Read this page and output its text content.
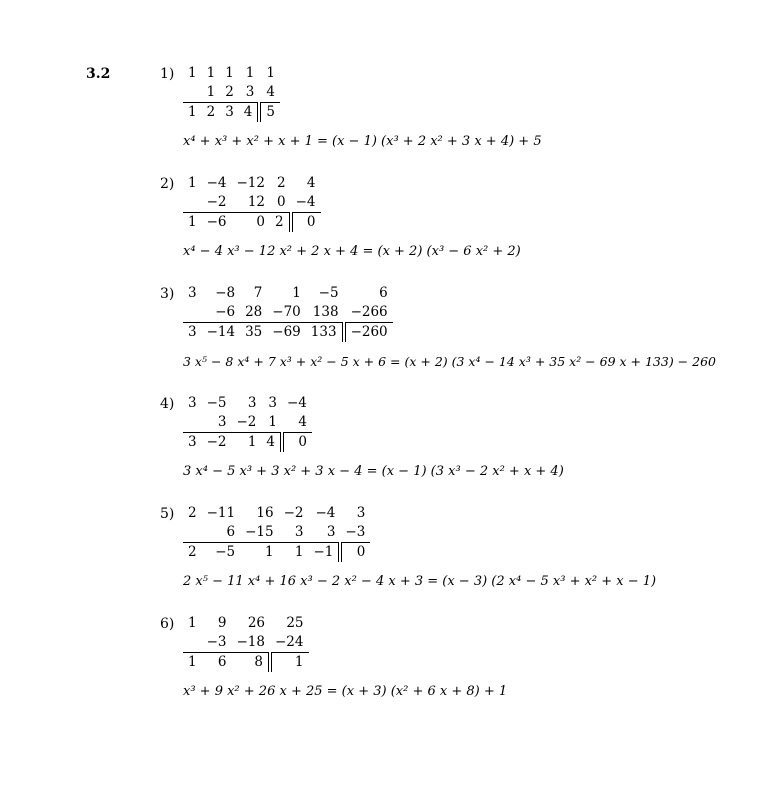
3.2	1) 1	1	1	1	1
	1	2	3	4
1	2	3	4	5
x⁴ + x³ + x² + x + 1 = (x − 1) (x³ + 2 x² + 3 x + 4) + 5
2) 1	−4	−12	2	4
	−2	12	0	−4
1	−6	0	2	0
x⁴ − 4 x³ − 12 x² + 2 x + 4 = (x + 2) (x³ − 6 x² + 2)
3) 3	−8	7	1	−5	6
	−6	28	−70	138	−266
3	−14	35	−69	133	−260
3 x⁵ − 8 x⁴ + 7 x³ + x² − 5 x + 6 = (x + 2) (3 x⁴ − 14 x³ + 35 x² − 69 x + 133) − 260
4) 3	−5	3	3	−4
	3	−2	1	4
3	−2	1	4	0
3 x⁴ − 5 x³ + 3 x² + 3 x − 4 = (x − 1) (3 x³ − 2 x² + x + 4)
5) 2	−11	16	−2	−4	3
	6	−15	3	3	−3
2	−5	1	1	−1	0
2 x⁵ − 11 x⁴ + 16 x³ − 2 x² − 4 x + 3 = (x − 3) (2 x⁴ − 5 x³ + x² + x − 1)
6) 1	9	26	25
	−3	−18	−24
1	6	8	1
x³ + 9 x² + 26 x + 25 = (x + 3) (x² + 6 x + 8) + 1
